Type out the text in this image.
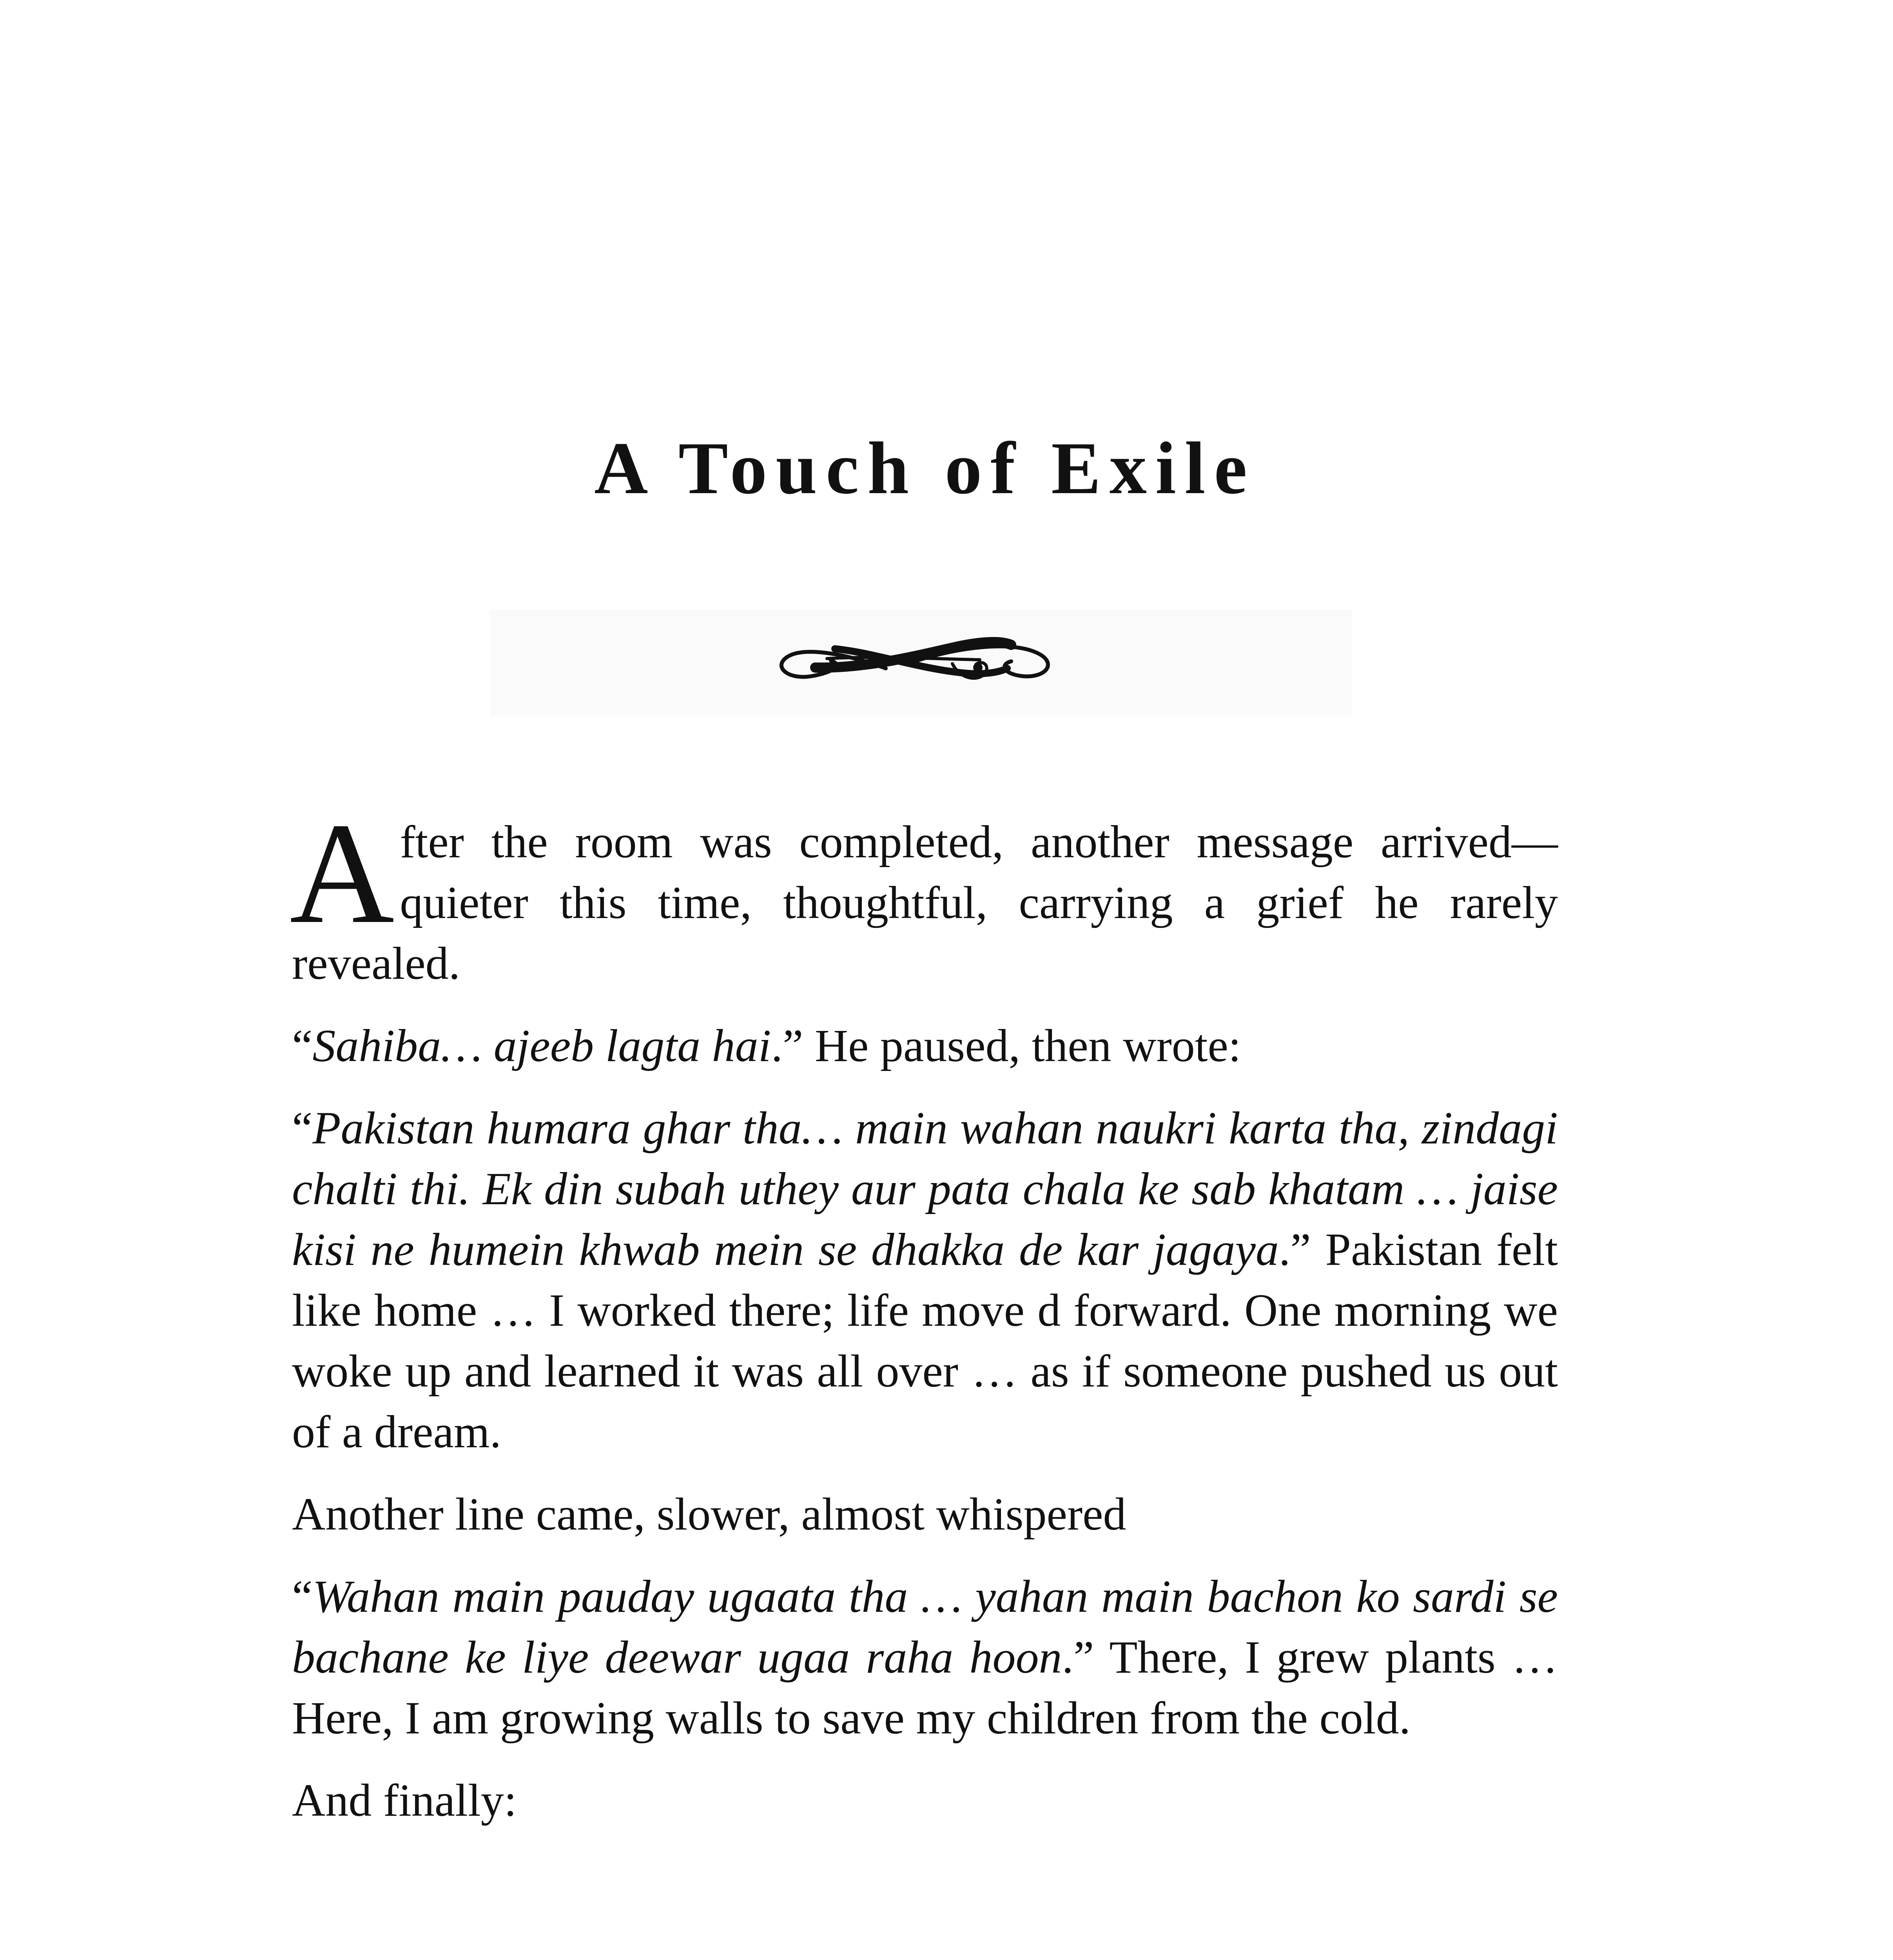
A Touch of Exile

After the room was completed, another message arrived—quieter this time, thoughtful, carrying a grief he rarely revealed.

“Sahiba… ajeeb lagta hai.” He paused, then wrote:

“Pakistan humara ghar tha… main wahan naukri karta tha, zindagi chalti thi. Ek din subah uthey aur pata chala ke sab khatam … jaise kisi ne humein khwab mein se dhakka de kar jagaya.” Pakistan felt like home … I worked there; life move d forward. One morning we woke up and learned it was all over … as if someone pushed us out of a dream.

Another line came, slower, almost whispered

“Wahan main pauday ugaata tha … yahan main bachon ko sardi se bachane ke liye deewar ugaa raha hoon.” There, I grew plants … Here, I am growing walls to save my children from the cold.

And finally:
